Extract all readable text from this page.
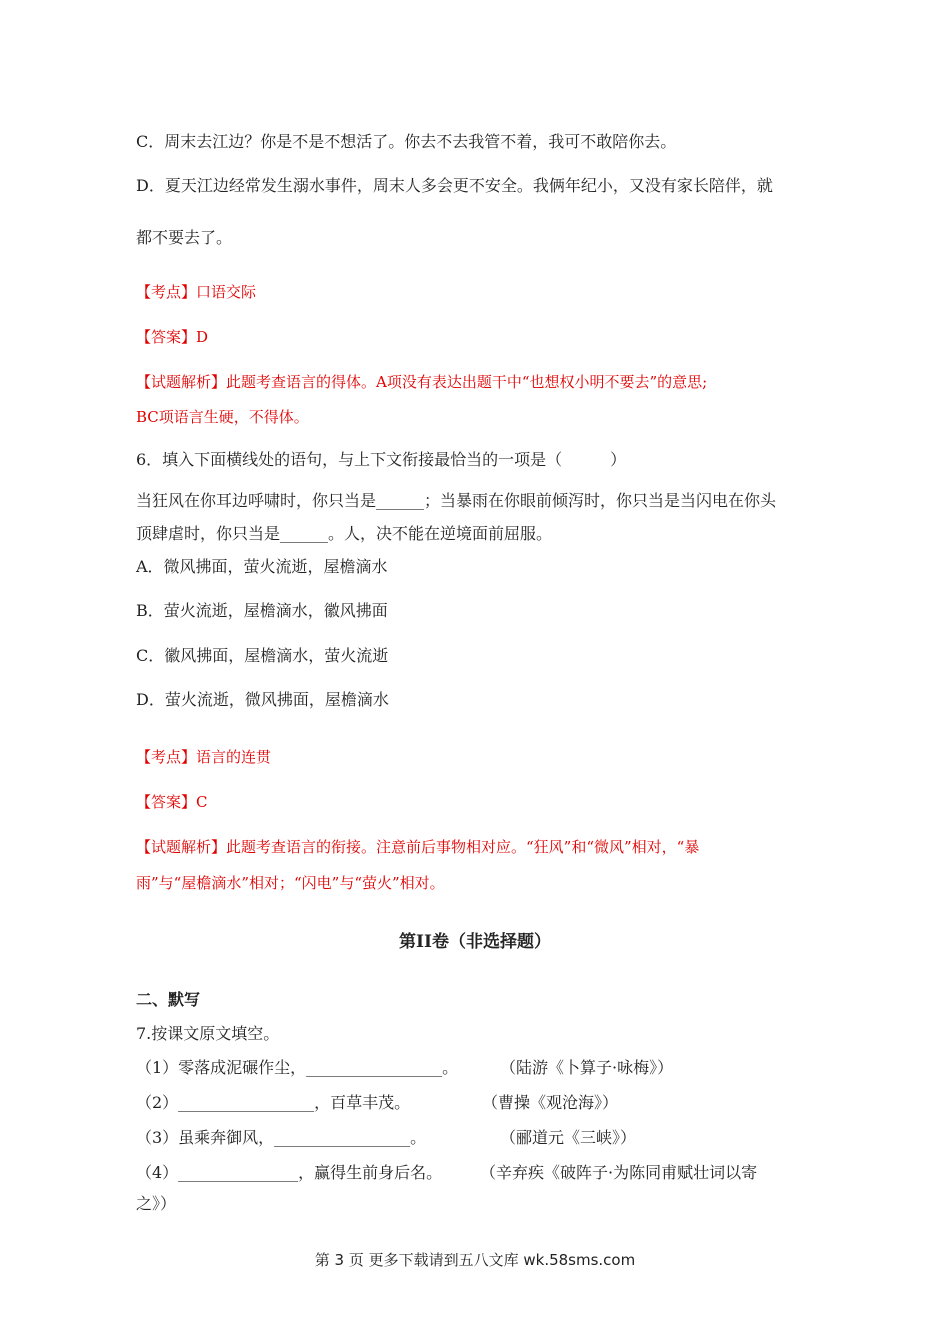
C．周末去江边？你是不是不想活了。你去不去我管不着，我可不敢陪你去。
D．夏天江边经常发生溺水事件，周末人多会更不安全。我俩年纪小，又没有家长陪伴，就
都不要去了。
【考点】口语交际
【答案】D
【试题解析】此题考查语言的得体。A项没有表达出题干中“也想权小明不要去”的意思;
BC项语言生硬，不得体。
6．填入下面横线处的语句，与上下文衔接最恰当的一项是（　　　）
当狂风在你耳边呼啸时，你只当是______；当暴雨在你眼前倾泻时，你只当是当闪电在你头
顶肆虐时，你只当是______。人，决不能在逆境面前屈服。
A．微风拂面，萤火流逝，屋檐滴水
B．萤火流逝，屋檐滴水，徽风拂面
C．徽风拂面，屋檐滴水，萤火流逝
D．萤火流逝，微风拂面，屋檐滴水
【考点】语言的连贯
【答案】C
【试题解析】此题考查语言的衔接。注意前后事物相对应。“狂风”和“微风”相对，“暴
雨”与“屋檐滴水”相对；“闪电”与“萤火”相对。
第II卷（非选择题）
二、默写
7.按课文原文填空。
（1）零落成泥碾作尘，_________________。	（陆游《卜算子·咏梅》）
（2）_________________，百草丰茂。	（曹操《观沧海》）
（3）虽乘奔御风，_________________。	（郦道元《三峡》）
（4）_______________，赢得生前身后名。 （辛弃疾《破阵子·为陈同甫赋壮词以寄
之》）
第 3 页 更多下载请到五八文库 wk.58sms.com
